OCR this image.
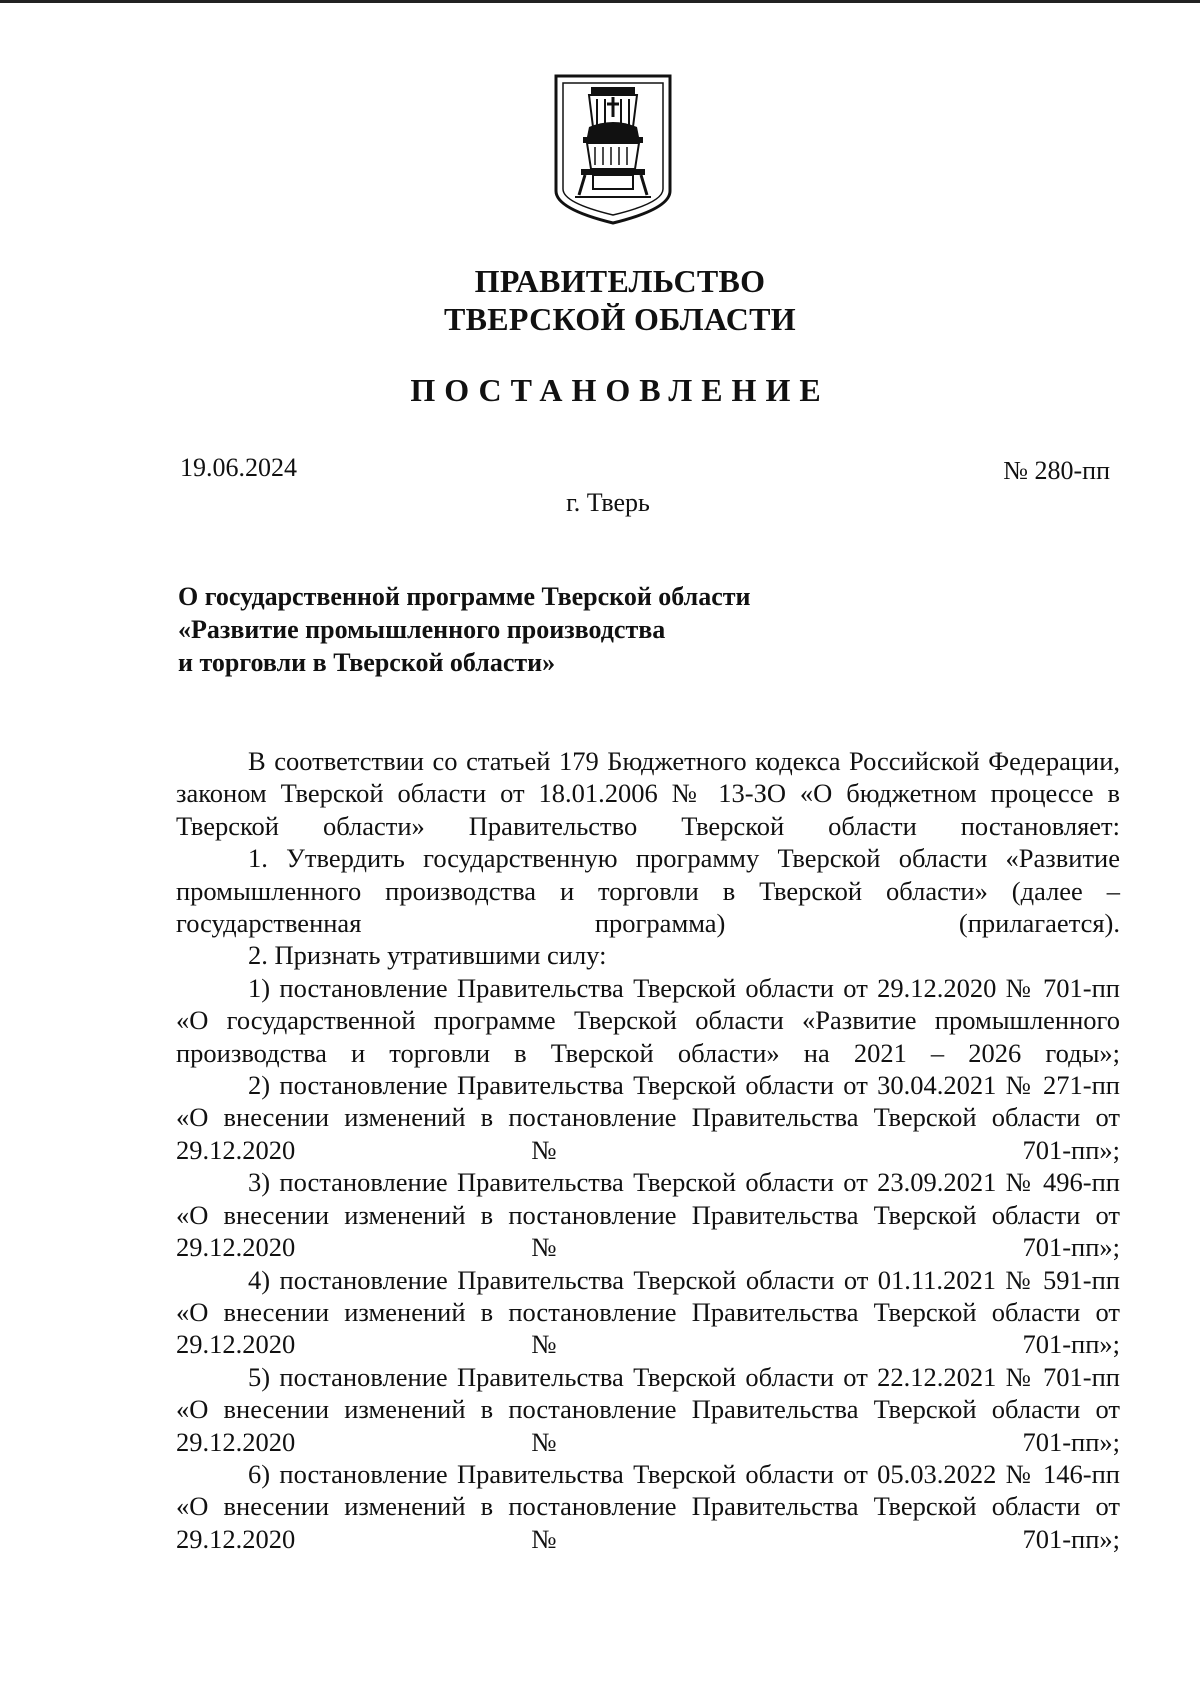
ПРАВИТЕЛЬСТВО
ТВЕРСКОЙ ОБЛАСТИ
ПОСТАНОВЛЕНИЕ
19.06.2024	№ 280-пп
г. Тверь
О государственной программе Тверской области
«Развитие промышленного производства
и торговли в Тверской области»

В соответствии со статьей 179 Бюджетного кодекса Российской Федерации, законом Тверской области от 18.01.2006 № 13-ЗО «О бюджетном процессе в Тверской области» Правительство Тверской области постановляет:

1. Утвердить государственную программу Тверской области «Развитие промышленного производства и торговли в Тверской области» (далее – государственная программа) (прилагается).

2. Признать утратившими силу:

1) постановление Правительства Тверской области от 29.12.2020 № 701-пп «О государственной программе Тверской области «Развитие промышленного производства и торговли в Тверской области» на 2021 – 2026 годы»;

2) постановление Правительства Тверской области от 30.04.2021 № 271-пп «О внесении изменений в постановление Правительства Тверской области от 29.12.2020 № 701-пп»;

3) постановление Правительства Тверской области от 23.09.2021 № 496-пп «О внесении изменений в постановление Правительства Тверской области от 29.12.2020 № 701-пп»;

4) постановление Правительства Тверской области от 01.11.2021 № 591-пп «О внесении изменений в постановление Правительства Тверской области от 29.12.2020 № 701-пп»;

5) постановление Правительства Тверской области от 22.12.2021 № 701-пп «О внесении изменений в постановление Правительства Тверской области от 29.12.2020 № 701-пп»;

6) постановление Правительства Тверской области от 05.03.2022 № 146-пп «О внесении изменений в постановление Правительства Тверской области от 29.12.2020 № 701-пп»;
